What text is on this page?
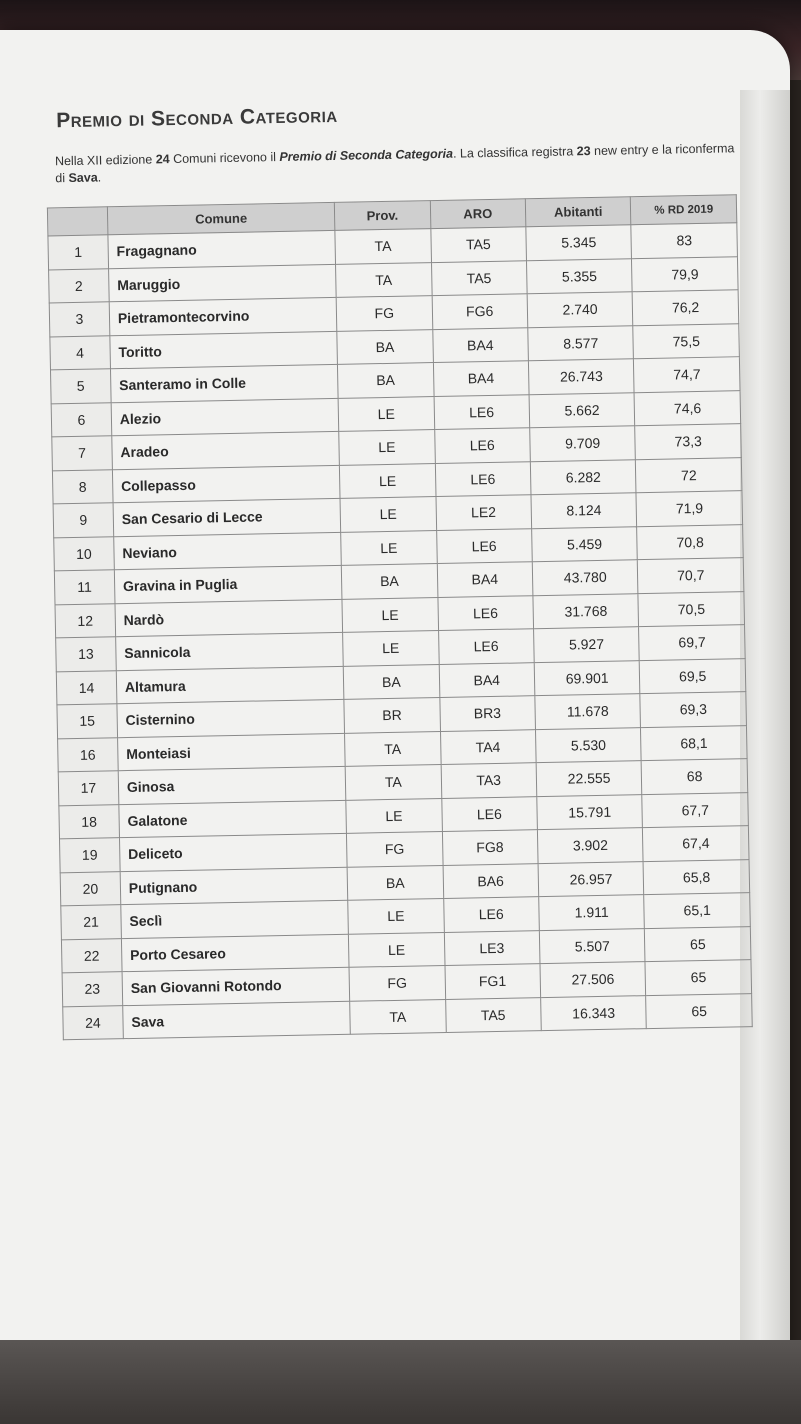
Premio di Seconda Categoria

Nella XII edizione 24 Comuni ricevono il Premio di Seconda Categoria. La classifica registra 23 new entry e la riconferma di Sava.

	Comune	Prov.	ARO	Abitanti	% RD 2019
1	Fragagnano	TA	TA5	5.345	83
2	Maruggio	TA	TA5	5.355	79,9
3	Pietramontecorvino	FG	FG6	2.740	76,2
4	Toritto	BA	BA4	8.577	75,5
5	Santeramo in Colle	BA	BA4	26.743	74,7
6	Alezio	LE	LE6	5.662	74,6
7	Aradeo	LE	LE6	9.709	73,3
8	Collepasso	LE	LE6	6.282	72
9	San Cesario di Lecce	LE	LE2	8.124	71,9
10	Neviano	LE	LE6	5.459	70,8
11	Gravina in Puglia	BA	BA4	43.780	70,7
12	Nardò	LE	LE6	31.768	70,5
13	Sannicola	LE	LE6	5.927	69,7
14	Altamura	BA	BA4	69.901	69,5
15	Cisternino	BR	BR3	11.678	69,3
16	Monteiasi	TA	TA4	5.530	68,1
17	Ginosa	TA	TA3	22.555	68
18	Galatone	LE	LE6	15.791	67,7
19	Deliceto	FG	FG8	3.902	67,4
20	Putignano	BA	BA6	26.957	65,8
21	Seclì	LE	LE6	1.911	65,1
22	Porto Cesareo	LE	LE3	5.507	65
23	San Giovanni Rotondo	FG	FG1	27.506	65
24	Sava	TA	TA5	16.343	65
